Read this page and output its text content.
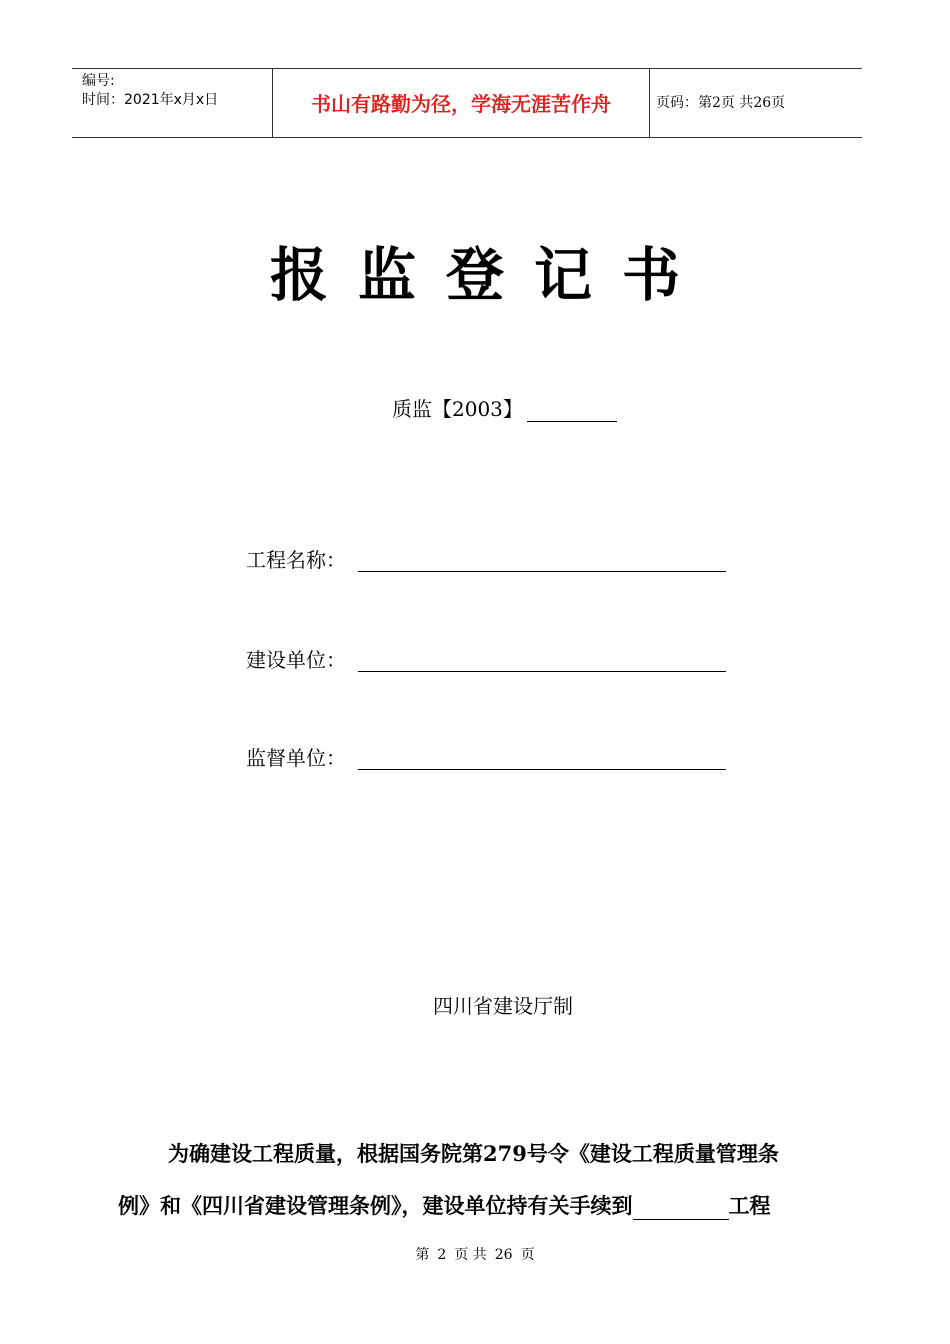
编号:
时间：2021年x月x日	书山有路勤为径，学海无涯苦作舟	页码：第2页 共26页
报监登记书
质监【2003】
工程名称：
建设单位：
监督单位：
四川省建设厅制
为确建设工程质量，根据国务院第279号令《建设工程质量管理条
例》和《四川省建设管理条例》，建设单位持有关手续到	工程
第 2 页 共 26 页
